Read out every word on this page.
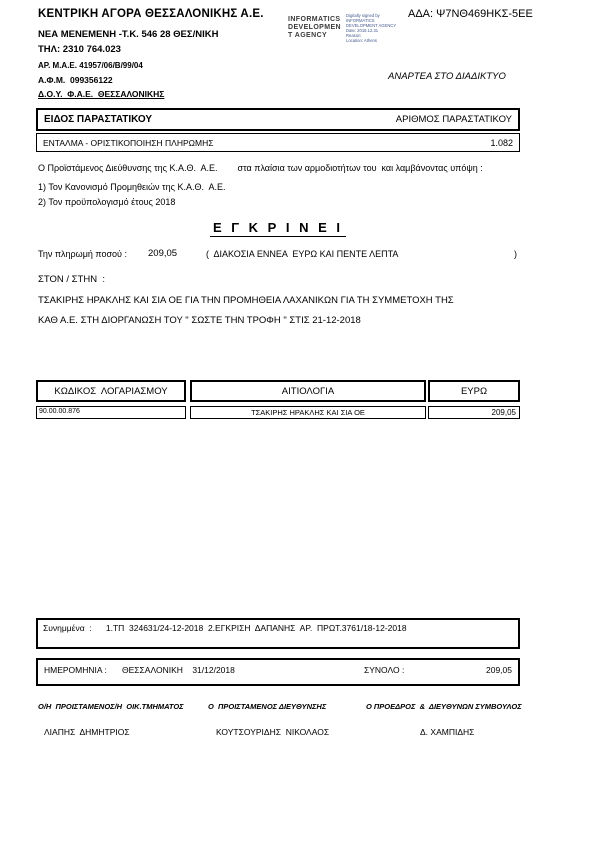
ΚΕΝΤΡΙΚΗ ΑΓΟΡΑ ΘΕΣΣΑΛΟΝΙΚΗΣ Α.Ε.	ΑΔΑ: Ψ7ΝΘ469ΗΚΣ-5ΕΕ
ΝΕΑ ΜΕΝΕΜΕΝΗ -Τ.Κ. 546 28 ΘΕΣ/ΝΙΚΗ
ΤΗΛ: 2310 764.023
INFORMATICS
DEVELOPMEN
T AGENCY
Digitally signed by
INFORMATICS
DEVELOPMENT AGENCY
Date: 2018.12.31
Reason:
Location: Athens
ΑΡ. Μ.Α.Ε. 41957/06/Β/99/04
Α.Φ.Μ.  099356122	ΑΝΑΡΤΕΑ ΣΤΟ ΔΙΑΔΙΚΤΥΟ
Δ.Ο.Υ.  Φ.Α.Ε.  ΘΕΣΣΑΛΟΝΙΚΗΣ
ΕΙΔΟΣ ΠΑΡΑΣΤΑΤΙΚΟΥ	ΑΡΙΘΜΟΣ ΠΑΡΑΣΤΑΤΙΚΟΥ
ΕΝΤΑΛΜΑ - ΟΡΙΣΤΙΚΟΠΟΙΗΣΗ ΠΛΗΡΩΜΗΣ	1.082
Ο Προϊστάμενος Διεύθυνσης της Κ.Α.Θ.  Α.Ε.        στα πλαίσια των αρμοδιοτήτων του  και λαμβάνοντας υπόψη :
1) Τον Κανονισμό Προμηθειών της Κ.Α.Θ.  Α.Ε.
2) Τον προϋπολογισμό έτους 2018
Ε Γ Κ Ρ Ι Ν Ε Ι
Την πληρωμή ποσού : 209,05	(  ΔΙΑΚΟΣΙΑ ΕΝΝΕΑ  ΕΥΡΩ ΚΑΙ ΠΕΝΤΕ ΛΕΠΤΑ	)
ΣΤΟΝ / ΣΤΗΝ  :
ΤΣΑΚΙΡΗΣ ΗΡΑΚΛΗΣ ΚΑΙ ΣΙΑ ΟΕ ΓΙΑ ΤΗΝ ΠΡΟΜΗΘΕΙΑ ΛΑΧΑΝΙΚΩΝ ΓΙΑ ΤΗ ΣΥΜΜΕΤΟΧΗ ΤΗΣ
ΚΑΘ Α.Ε. ΣΤΗ ΔΙΟΡΓΑΝΩΣΗ ΤΟΥ " ΣΩΣΤΕ ΤΗΝ ΤΡΟΦΗ " ΣΤΙΣ 21-12-2018
ΚΩΔΙΚΟΣ  ΛΟΓΑΡΙΑΣΜΟΥ	ΑΙΤΙΟΛΟΓΙΑ	ΕΥΡΩ
90.00.00.876	ΤΣΑΚΙΡΗΣ ΗΡΑΚΛΗΣ ΚΑΙ ΣΙΑ ΟΕ	209,05
Συνημμένα  :      1.ΤΠ  324631/24-12-2018  2.ΕΓΚΡΙΣΗ  ΔΑΠΑΝΗΣ  ΑΡ.  ΠΡΩΤ.3761/18-12-2018
ΗΜΕΡΟΜΗΝΙΑ : ΘΕΣΣΑΛΟΝΙΚΗ    31/12/2018	ΣΥΝΟΛΟ :	209,05
Ο/Η  ΠΡΟΙΣΤΑΜΕΝΟΣ/Η  ΟΙΚ.ΤΜΗΜΑΤΟΣ	Ο  ΠΡΟΙΣΤΑΜΕΝΟΣ ΔΙΕΥΘΥΝΣΗΣ	Ο ΠΡΟΕΔΡΟΣ  &  ΔΙΕΥΘΥΝΩΝ ΣΥΜΒΟΥΛΟΣ
ΛΙΑΠΗΣ  ΔΗΜΗΤΡΙΟΣ	ΚΟΥΤΣΟΥΡΙΔΗΣ  ΝΙΚΟΛΑΟΣ	Δ. ΧΑΜΠΙΔΗΣ
